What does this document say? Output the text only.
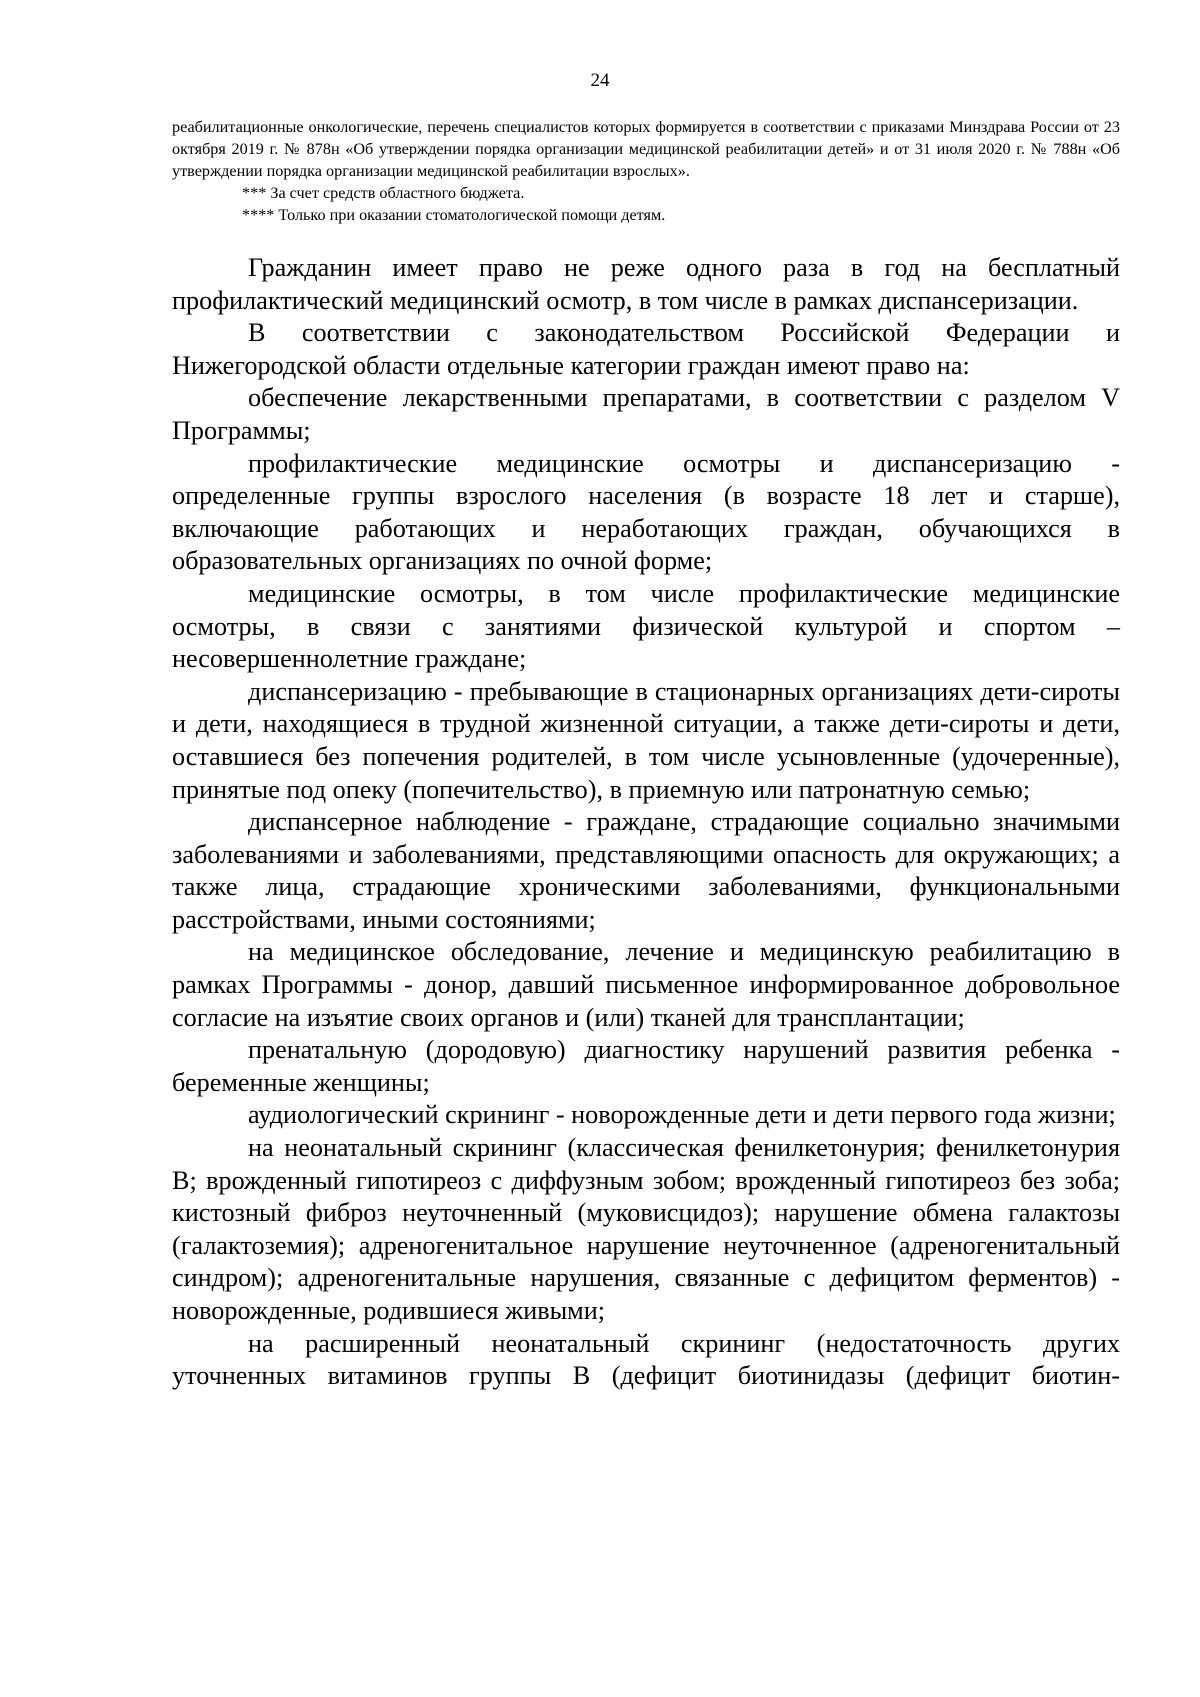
24

реабилитационные онкологические, перечень специалистов которых формируется в соответствии с приказами Минздрава России от 23 октября 2019 г. № 878н «Об утверждении порядка организации медицинской реабилитации детей» и от 31 июля 2020 г. № 788н «Об утверждении порядка организации медицинской реабилитации взрослых».

*** За счет средств областного бюджета.

**** Только при оказании стоматологической помощи детям.

Гражданин имеет право не реже одного раза в год на бесплатный профилактический медицинский осмотр, в том числе в рамках диспансеризации.

В соответствии с законодательством Российской Федерации и Нижегородской области отдельные категории граждан имеют право на:

обеспечение лекарственными препаратами, в соответствии с разделом V Программы;

профилактические медицинские осмотры и диспансеризацию - определенные группы взрослого населения (в возрасте 18 лет и старше), включающие работающих и неработающих граждан, обучающихся в образовательных организациях по очной форме;

медицинские осмотры, в том числе профилактические медицинские осмотры, в связи с занятиями физической культурой и спортом – несовершеннолетние граждане;

диспансеризацию - пребывающие в стационарных организациях дети-сироты и дети, находящиеся в трудной жизненной ситуации, а также дети-сироты и дети, оставшиеся без попечения родителей, в том числе усыновленные (удочеренные), принятые под опеку (попечительство), в приемную или патронатную семью;

диспансерное наблюдение - граждане, страдающие социально значимыми заболеваниями и заболеваниями, представляющими опасность для окружающих; а также лица, страдающие хроническими заболеваниями, функциональными расстройствами, иными состояниями;

на медицинское обследование, лечение и медицинскую реабилитацию в рамках Программы - донор, давший письменное информированное добровольное согласие на изъятие своих органов и (или) тканей для трансплантации;

пренатальную (дородовую) диагностику нарушений развития ребенка - беременные женщины;

аудиологический скрининг - новорожденные дети и дети первого года жизни;

на неонатальный скрининг (классическая фенилкетонурия; фенилкетонурия B; врожденный гипотиреоз с диффузным зобом; врожденный гипотиреоз без зоба; кистозный фиброз неуточненный (муковисцидоз); нарушение обмена галактозы (галактоземия); адреногенитальное нарушение неуточненное (адреногенитальный синдром); адреногенитальные нарушения, связанные с дефицитом ферментов) - новорожденные, родившиеся живыми;

на расширенный неонатальный скрининг (недостаточность других уточненных витаминов группы B (дефицит биотинидазы (дефицит биотин-
